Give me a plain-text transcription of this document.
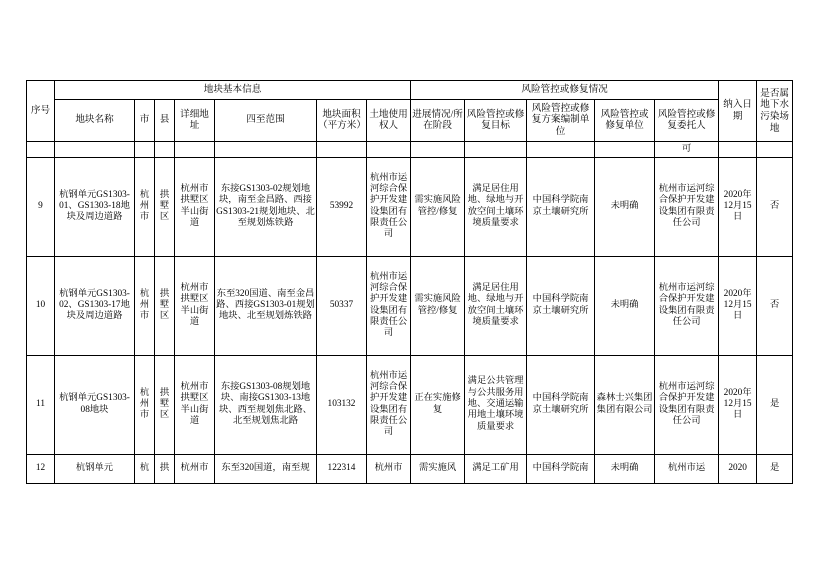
序号	地块基本信息							风险管控或修复情况					纳入日期	是否属地下水污染场地
	地块名称	市	县	详细地址	四至范围	地块面积（平方米）	土地使用权人	进展情况/所在阶段	风险管控或修复目标	风险管控或修复方案编制单位	风险管控或修复单位	风险管控或修复委托人		

												可		
9	杭钢单元GS1303-01、GS1303-18地块及周边道路	杭州市	拱墅区	杭州市拱墅区半山街道	东接GS1303-02规划地块，南至金昌路、西接GS1303-21规划地块、北至规划炼铁路	53992	杭州市运河综合保护开发建设集团有限责任公司	需实施风险管控/修复	满足居住用地、绿地与开放空间土壤环境质量要求	中国科学院南京土壤研究所	未明确	杭州市运河综合保护开发建设集团有限责任公司	2020年12月15日	否
10	杭钢单元GS1303-02、GS1303-17地块及周边道路	杭州市	拱墅区	杭州市拱墅区半山街道	东至320国道、南至金昌路、西接GS1303-01规划地块、北至规划炼铁路	50337	杭州市运河综合保护开发建设集团有限责任公司	需实施风险管控/修复	满足居住用地、绿地与开放空间土壤环境质量要求	中国科学院南京土壤研究所	未明确	杭州市运河综合保护开发建设集团有限责任公司	2020年12月15日	否
11	杭钢单元GS1303-08地块	杭州市	拱墅区	杭州市拱墅区半山街道	东接GS1303-08规划地块、南接GS1303-13地块、西至规划焦北路、北至规划焦北路	103132	杭州市运河综合保护开发建设集团有限责任公司	正在实施修复	满足公共管理与公共服务用地、交通运输用地土壤环境质量要求	中国科学院南京土壤研究所	森林士兴集团集团有限公司	杭州市运河综合保护开发建设集团有限责任公司	2020年12月15日	是
12	杭钢单元	杭	拱	杭州市	东至320国道，南至规	122314	杭州市	需实施风	满足工矿用	中国科学院南	未明确	杭州市运	2020	是
